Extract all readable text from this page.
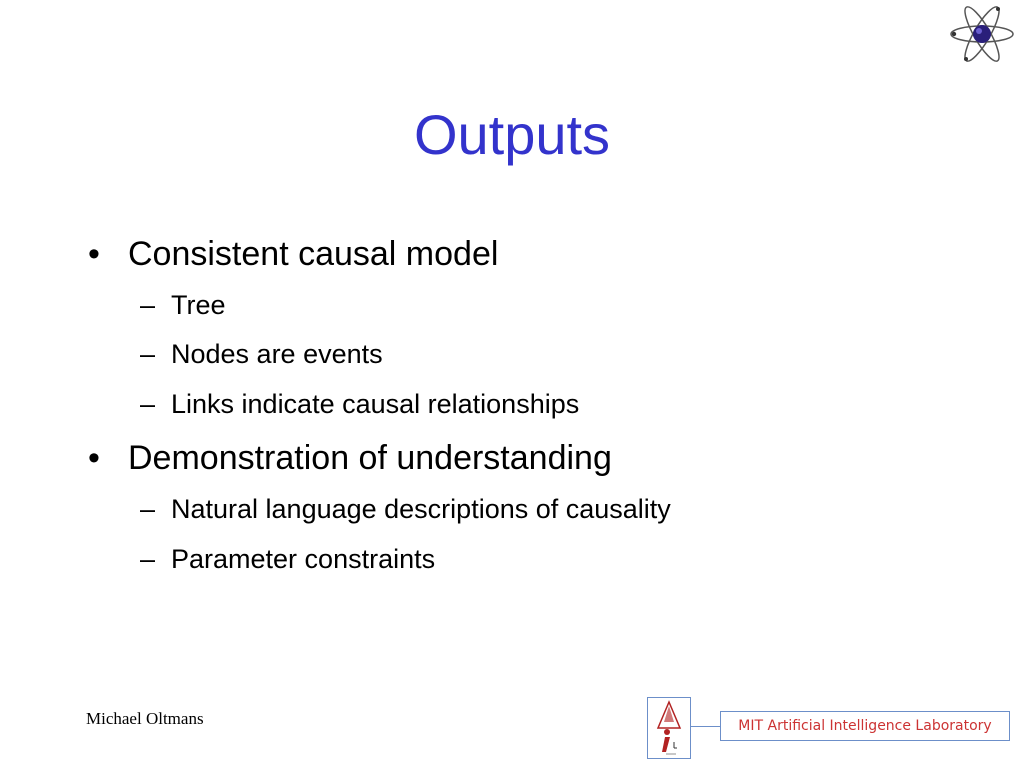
Outputs
• Consistent causal model
– Tree
– Nodes are events
– Links indicate causal relationships
• Demonstration of understanding
– Natural language descriptions of causality
– Parameter constraints
Michael Oltmans	MIT Artificial Intelligence Laboratory
